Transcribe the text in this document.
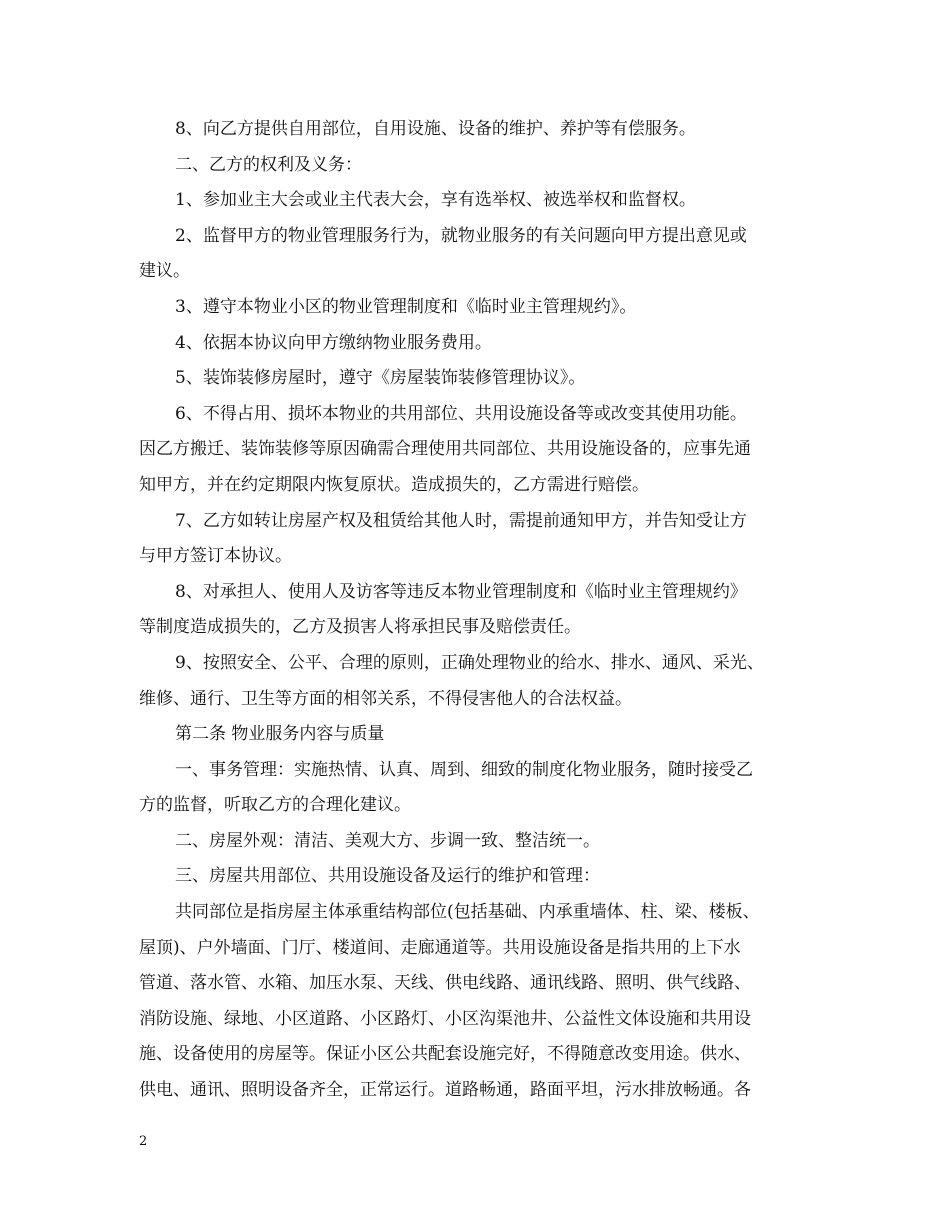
8、向乙方提供自用部位，自用设施、设备的维护、养护等有偿服务。

二、乙方的权利及义务：

1、参加业主大会或业主代表大会，享有选举权、被选举权和监督权。

2、监督甲方的物业管理服务行为，就物业服务的有关问题向甲方提出意见或

建议。

3、遵守本物业小区的物业管理制度和《临时业主管理规约》。

4、依据本协议向甲方缴纳物业服务费用。

5、装饰装修房屋时，遵守《房屋装饰装修管理协议》。

6、不得占用、损坏本物业的共用部位、共用设施设备等或改变其使用功能。

因乙方搬迁、装饰装修等原因确需合理使用共同部位、共用设施设备的，应事先通

知甲方，并在约定期限内恢复原状。造成损失的，乙方需进行赔偿。

7、乙方如转让房屋产权及租赁给其他人时，需提前通知甲方，并告知受让方

与甲方签订本协议。

8、对承担人、使用人及访客等违反本物业管理制度和《临时业主管理规约》

等制度造成损失的，乙方及损害人将承担民事及赔偿责任。

9、按照安全、公平、合理的原则，正确处理物业的给水、排水、通风、采光、

维修、通行、卫生等方面的相邻关系，不得侵害他人的合法权益。

第二条 物业服务内容与质量

一、事务管理：实施热情、认真、周到、细致的制度化物业服务，随时接受乙

方的监督，听取乙方的合理化建议。

二、房屋外观：清洁、美观大方、步调一致、整洁统一。

三、房屋共用部位、共用设施设备及运行的维护和管理：

共同部位是指房屋主体承重结构部位(包括基础、内承重墙体、柱、梁、楼板、

屋顶)、户外墙面、门厅、楼道间、走廊通道等。共用设施设备是指共用的上下水

管道、落水管、水箱、加压水泵、天线、供电线路、通讯线路、照明、供气线路、

消防设施、绿地、小区道路、小区路灯、小区沟渠池井、公益性文体设施和共用设

施、设备使用的房屋等。保证小区公共配套设施完好，不得随意改变用途。供水、

供电、通讯、照明设备齐全，正常运行。道路畅通，路面平坦，污水排放畅通。各

2
